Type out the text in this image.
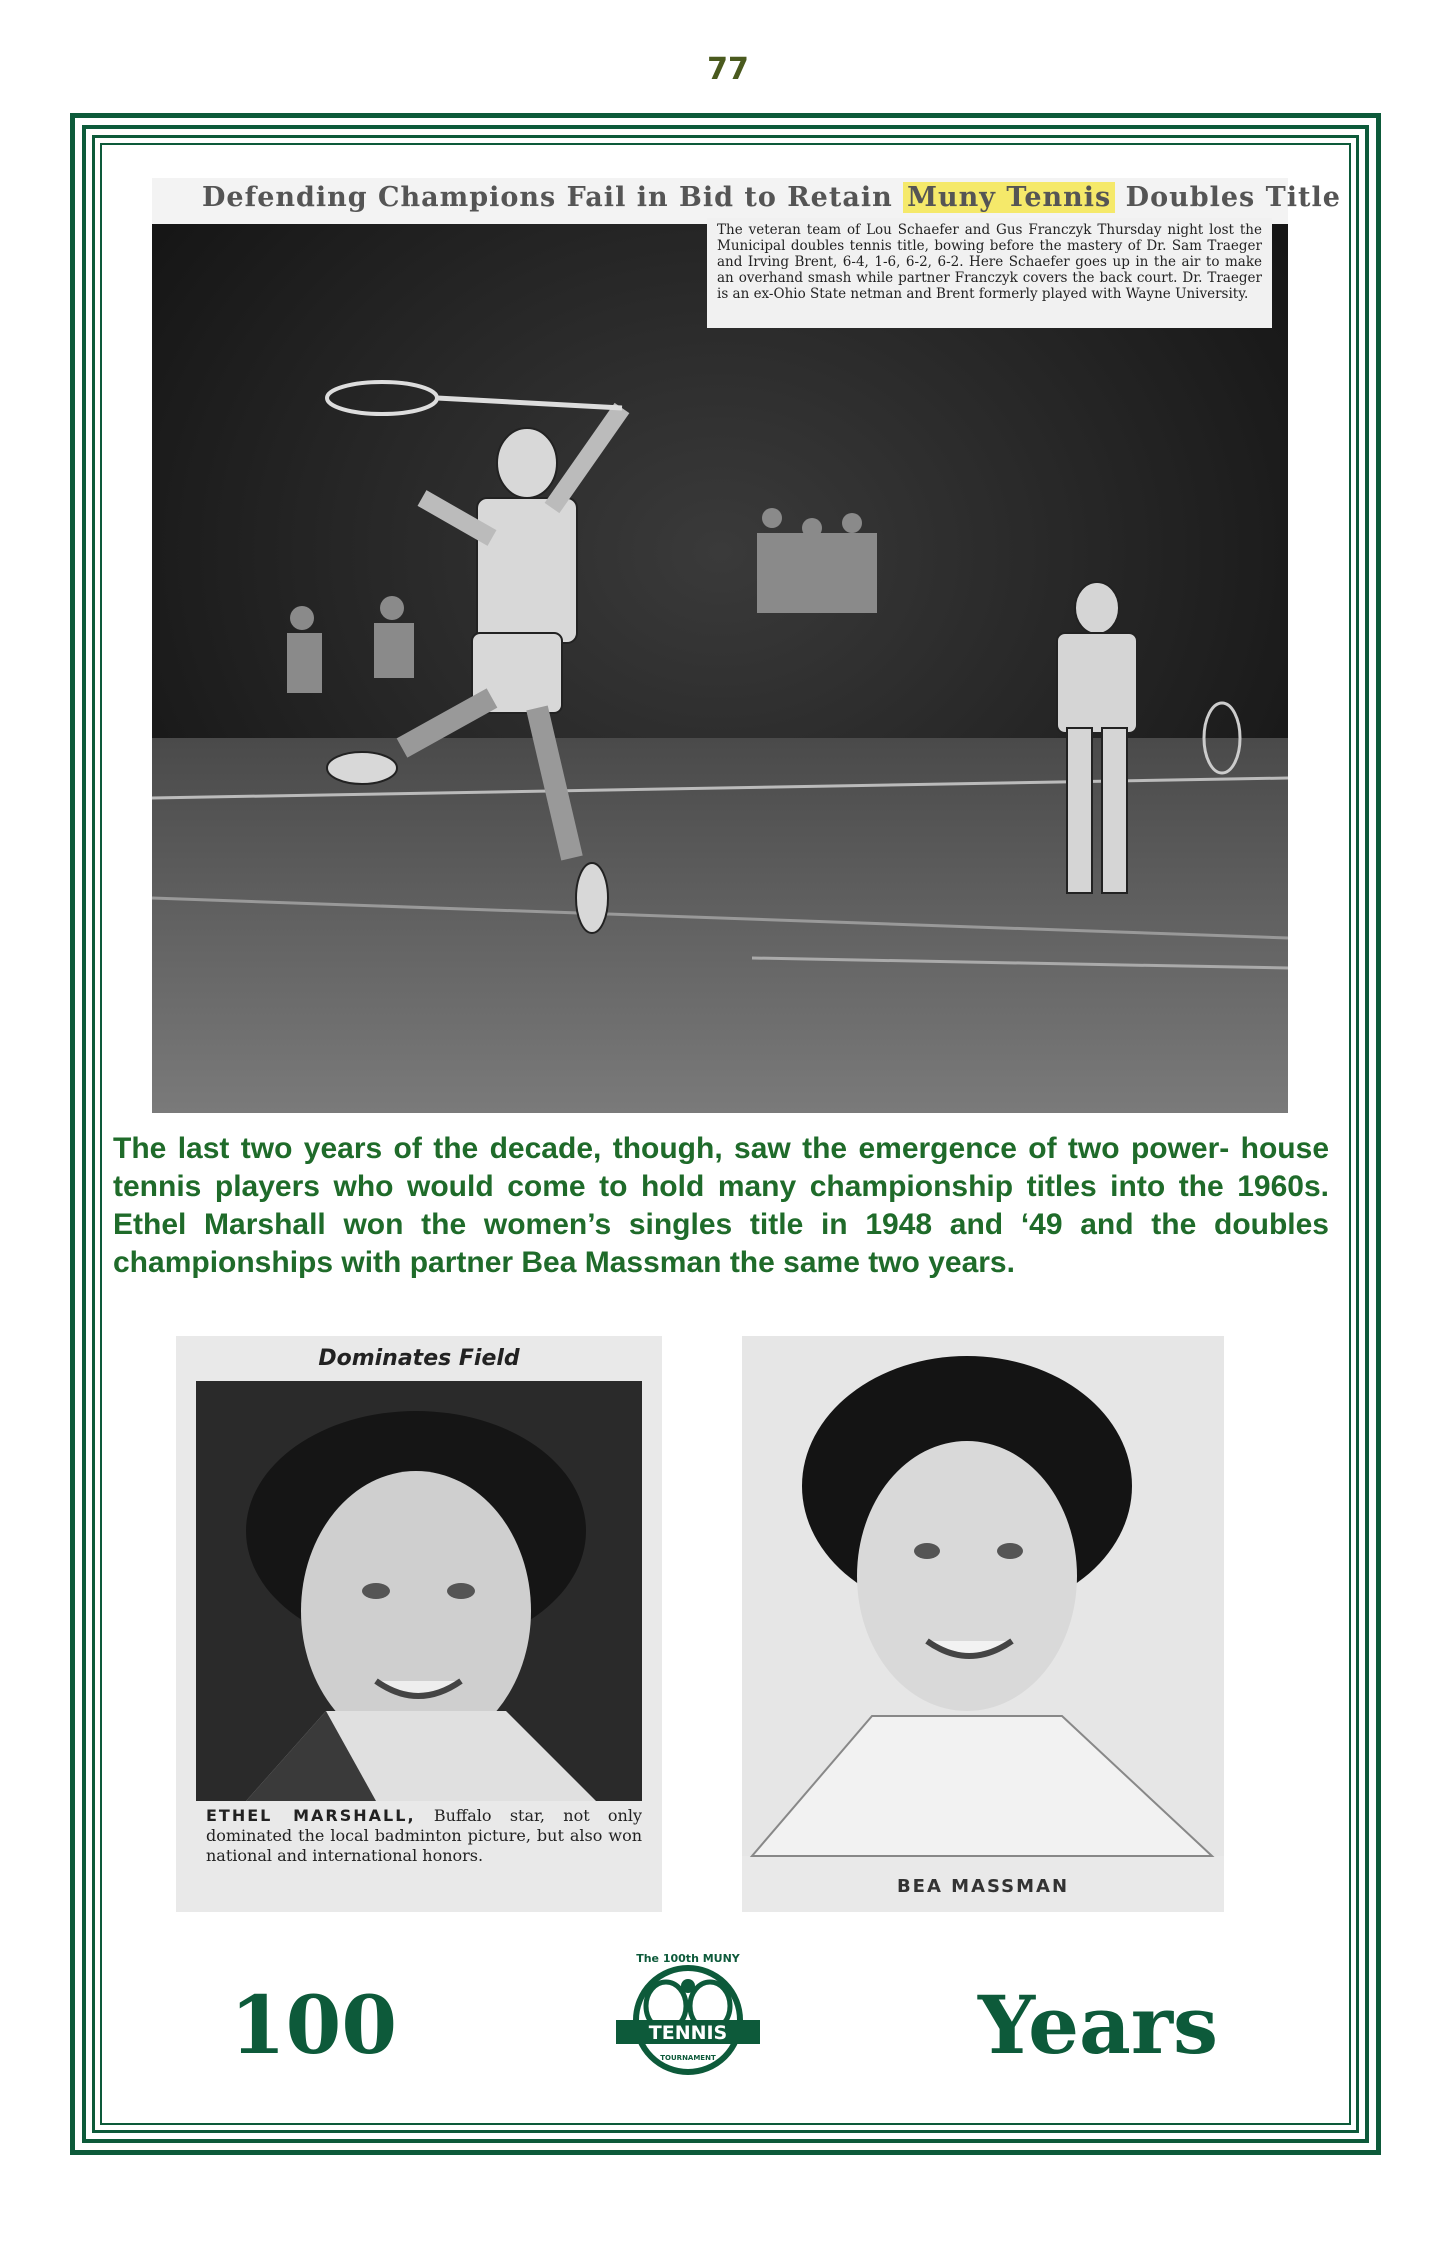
77
Defending Champions Fail in Bid to Retain Muny Tennis Doubles Title
The veteran team of Lou Schaefer and Gus Franczyk Thursday night lost the Municipal doubles tennis title, bowing before the mastery of Dr. Sam Traeger and Irving Brent, 6-4, 1-6, 6-2, 6-2. Here Schaefer goes up in the air to make an overhand smash while partner Franczyk covers the back court. Dr. Traeger is an ex-Ohio State netman and Brent formerly played with Wayne University.
The last two years of the decade, though, saw the emergence of two power- house tennis players who would come to hold many championship titles into the 1960s. Ethel Marshall won the women’s singles title in 1948 and ‘49 and the doubles championships with partner Bea Massman the same two years.
Dominates Field
ETHEL MARSHALL, Buffalo star, not only dominated the local badminton picture, but also won national and international honors.
BEA MASSMAN
100
The 100th MUNY
TENNIS
TOURNAMENT	Years
